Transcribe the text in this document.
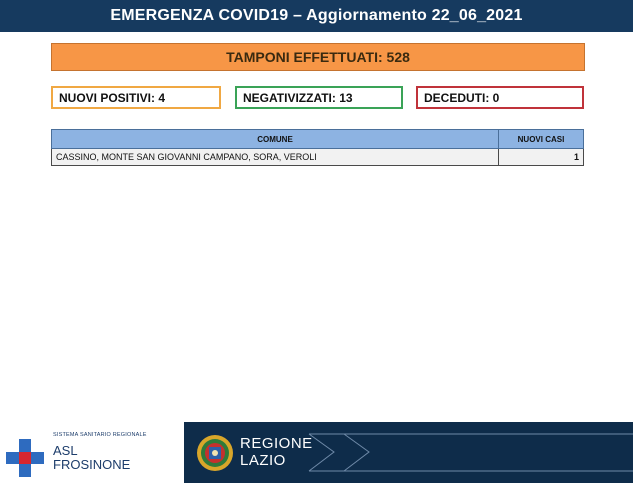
EMERGENZA COVID19 – Aggiornamento 22_06_2021
TAMPONI EFFETTUATI: 528
NUOVI POSITIVI: 4	NEGATIVIZZATI: 13	DECEDUTI: 0
COMUNE	NUOVI CASI
CASSINO, MONTE SAN GIOVANNI CAMPANO, SORA, VEROLI	1
SISTEMA SANITARIO REGIONALE
ASL
FROSINONE
REGIONE
LAZIO
